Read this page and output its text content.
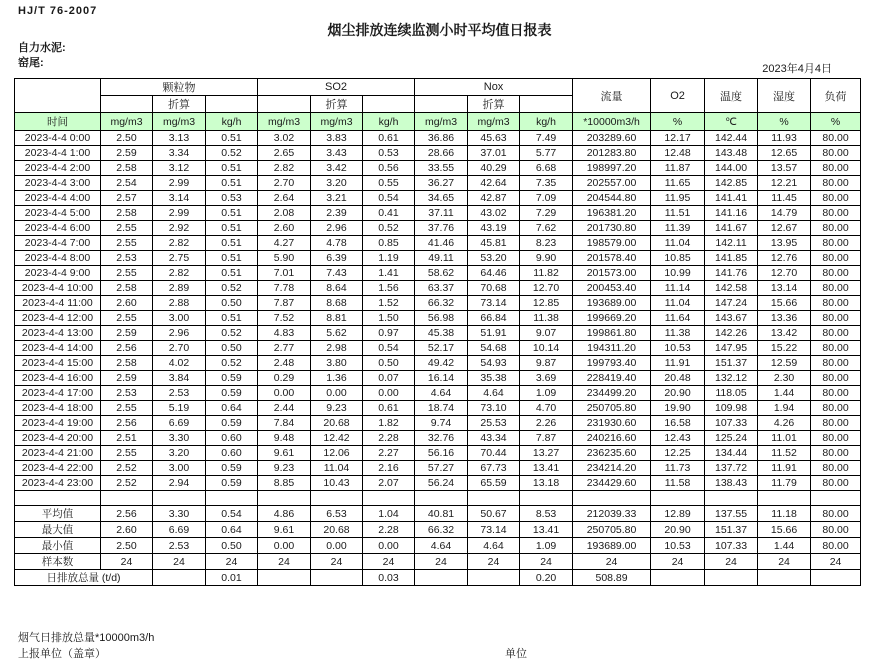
HJ/T 76-2007
烟尘排放连续监测小时平均值日报表
自力水泥:
窑尾:	2023年4月4日
	颗粒物			SO2			Nox			流量	O2	温度	湿度	负荷
		折算			折算			折算						
时间	mg/m3	mg/m3	kg/h	mg/m3	mg/m3	kg/h	mg/m3	mg/m3	kg/h	*10000m3/h	%	℃	%	%
2023-4-4 0:00	2.50	3.13	0.51	3.02	3.83	0.61	36.86	45.63	7.49	203289.60	12.17	142.44	11.93	80.00
2023-4-4 1:00	2.59	3.34	0.52	2.65	3.43	0.53	28.66	37.01	5.77	201283.80	12.48	143.48	12.65	80.00
2023-4-4 2:00	2.58	3.12	0.51	2.82	3.42	0.56	33.55	40.29	6.68	198997.20	11.87	144.00	13.57	80.00
2023-4-4 3:00	2.54	2.99	0.51	2.70	3.20	0.55	36.27	42.64	7.35	202557.00	11.65	142.85	12.21	80.00
2023-4-4 4:00	2.57	3.14	0.53	2.64	3.21	0.54	34.65	42.87	7.09	204544.80	11.95	141.41	11.45	80.00
2023-4-4 5:00	2.58	2.99	0.51	2.08	2.39	0.41	37.11	43.02	7.29	196381.20	11.51	141.16	14.79	80.00
2023-4-4 6:00	2.55	2.92	0.51	2.60	2.96	0.52	37.76	43.19	7.62	201730.80	11.39	141.67	12.67	80.00
2023-4-4 7:00	2.55	2.82	0.51	4.27	4.78	0.85	41.46	45.81	8.23	198579.00	11.04	142.11	13.95	80.00
2023-4-4 8:00	2.53	2.75	0.51	5.90	6.39	1.19	49.11	53.20	9.90	201578.40	10.85	141.85	12.76	80.00
2023-4-4 9:00	2.55	2.82	0.51	7.01	7.43	1.41	58.62	64.46	11.82	201573.00	10.99	141.76	12.70	80.00
2023-4-4 10:00	2.58	2.89	0.52	7.78	8.64	1.56	63.37	70.68	12.70	200453.40	11.14	142.58	13.14	80.00
2023-4-4 11:00	2.60	2.88	0.50	7.87	8.68	1.52	66.32	73.14	12.85	193689.00	11.04	147.24	15.66	80.00
2023-4-4 12:00	2.55	3.00	0.51	7.52	8.81	1.50	56.98	66.84	11.38	199669.20	11.64	143.67	13.36	80.00
2023-4-4 13:00	2.59	2.96	0.52	4.83	5.62	0.97	45.38	51.91	9.07	199861.80	11.38	142.26	13.42	80.00
2023-4-4 14:00	2.56	2.70	0.50	2.77	2.98	0.54	52.17	54.68	10.14	194311.20	10.53	147.95	15.22	80.00
2023-4-4 15:00	2.58	4.02	0.52	2.48	3.80	0.50	49.42	54.93	9.87	199793.40	11.91	151.37	12.59	80.00
2023-4-4 16:00	2.59	3.84	0.59	0.29	1.36	0.07	16.14	35.38	3.69	228419.40	20.48	132.12	2.30	80.00
2023-4-4 17:00	2.53	2.53	0.59	0.00	0.00	0.00	4.64	4.64	1.09	234499.20	20.90	118.05	1.44	80.00
2023-4-4 18:00	2.55	5.19	0.64	2.44	9.23	0.61	18.74	73.10	4.70	250705.80	19.90	109.98	1.94	80.00
2023-4-4 19:00	2.56	6.69	0.59	7.84	20.68	1.82	9.74	25.53	2.26	231930.60	16.58	107.33	4.26	80.00
2023-4-4 20:00	2.51	3.30	0.60	9.48	12.42	2.28	32.76	43.34	7.87	240216.60	12.43	125.24	11.01	80.00
2023-4-4 21:00	2.55	3.20	0.60	9.61	12.06	2.27	56.16	70.44	13.27	236235.60	12.25	134.44	11.52	80.00
2023-4-4 22:00	2.52	3.00	0.59	9.23	11.04	2.16	57.27	67.73	13.41	234214.20	11.73	137.72	11.91	80.00
2023-4-4 23:00	2.52	2.94	0.59	8.85	10.43	2.07	56.24	65.59	13.18	234429.60	11.58	138.43	11.79	80.00

平均值	2.56	3.30	0.54	4.86	6.53	1.04	40.81	50.67	8.53	212039.33	12.89	137.55	11.18	80.00
最大值	2.60	6.69	0.64	9.61	20.68	2.28	66.32	73.14	13.41	250705.80	20.90	151.37	15.66	80.00
最小值	2.50	2.53	0.50	0.00	0.00	0.00	4.64	4.64	1.09	193689.00	10.53	107.33	1.44	80.00
样本数	24	24	24	24	24	24	24	24	24	24	24	24	24	24
日排放总量 (t/d)			0.01			0.03			0.20	508.89				
烟气日排放总量*10000m3/h
上报单位（盖章）	单位
